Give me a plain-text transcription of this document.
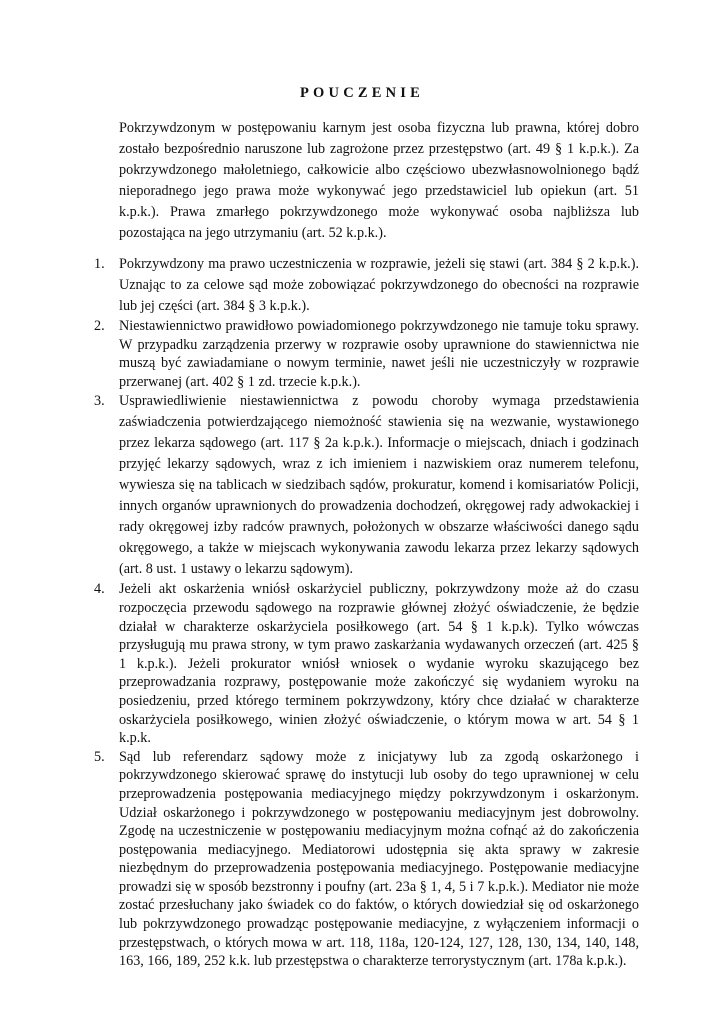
POUCZENIE

Pokrzywdzonym w postępowaniu karnym jest osoba fizyczna lub prawna, której dobro zostało bezpośrednio naruszone lub zagrożone przez przestępstwo (art. 49 § 1 k.p.k.). Za pokrzywdzonego małoletniego, całkowicie albo częściowo ubezwłasnowolnionego bądź nieporadnego jego prawa może wykonywać jego przedstawiciel lub opiekun (art. 51 k.p.k.). Prawa zmarłego pokrzywdzonego może wykonywać osoba najbliższa lub pozostająca na jego utrzymaniu (art. 52 k.p.k.).

1. Pokrzywdzony ma prawo uczestniczenia w rozprawie, jeżeli się stawi (art. 384 § 2 k.p.k.). Uznając to za celowe sąd może zobowiązać pokrzywdzonego do obecności na rozprawie lub jej części (art. 384 § 3 k.p.k.).
2. Niestawiennictwo prawidłowo powiadomionego pokrzywdzonego nie tamuje toku sprawy. W przypadku zarządzenia przerwy w rozprawie osoby uprawnione do stawiennictwa nie muszą być zawiadamiane o nowym terminie, nawet jeśli nie uczestniczyły w rozprawie przerwanej (art. 402 § 1 zd. trzecie k.p.k.).
3. Usprawiedliwienie niestawiennictwa z powodu choroby wymaga przedstawienia zaświadczenia potwierdzającego niemożność stawienia się na wezwanie, wystawionego przez lekarza sądowego (art. 117 § 2a k.p.k.). Informacje o miejscach, dniach i godzinach przyjęć lekarzy sądowych, wraz z ich imieniem i nazwiskiem oraz numerem telefonu, wywiesza się na tablicach w siedzibach sądów, prokuratur, komend i komisariatów Policji, innych organów uprawnionych do prowadzenia dochodzeń, okręgowej rady adwokackiej i rady okręgowej izby radców prawnych, położonych w obszarze właściwości danego sądu okręgowego, a także w miejscach wykonywania zawodu lekarza przez lekarzy sądowych (art. 8 ust. 1 ustawy o lekarzu sądowym).
4. Jeżeli akt oskarżenia wniósł oskarżyciel publiczny, pokrzywdzony może aż do czasu rozpoczęcia przewodu sądowego na rozprawie głównej złożyć oświadczenie, że będzie działał w charakterze oskarżyciela posiłkowego (art. 54 § 1 k.p.k). Tylko wówczas przysługują mu prawa strony, w tym prawo zaskarżania wydawanych orzeczeń (art. 425 § 1 k.p.k.). Jeżeli prokurator wniósł wniosek o wydanie wyroku skazującego bez przeprowadzania rozprawy, postępowanie może zakończyć się wydaniem wyroku na posiedzeniu, przed którego terminem pokrzywdzony, który chce działać w charakterze oskarżyciela posiłkowego, winien złożyć oświadczenie, o którym mowa w art. 54 § 1 k.p.k.
5. Sąd lub referendarz sądowy może z inicjatywy lub za zgodą oskarżonego i pokrzywdzonego skierować sprawę do instytucji lub osoby do tego uprawnionej w celu przeprowadzenia postępowania mediacyjnego między pokrzywdzonym i oskarżonym. Udział oskarżonego i pokrzywdzonego w postępowaniu mediacyjnym jest dobrowolny. Zgodę na uczestniczenie w postępowaniu mediacyjnym można cofnąć aż do zakończenia postępowania mediacyjnego. Mediatorowi udostępnia się akta sprawy w zakresie niezbędnym do przeprowadzenia postępowania mediacyjnego. Postępowanie mediacyjne prowadzi się w sposób bezstronny i poufny (art. 23a § 1, 4, 5 i 7 k.p.k.). Mediator nie może zostać przesłuchany jako świadek co do faktów, o których dowiedział się od oskarżonego lub pokrzywdzonego prowadząc postępowanie mediacyjne, z wyłączeniem informacji o przestępstwach, o których mowa w art. 118, 118a, 120-124, 127, 128, 130, 134, 140, 148, 163, 166, 189, 252 k.k. lub przestępstwa o charakterze terrorystycznym (art. 178a k.p.k.).
